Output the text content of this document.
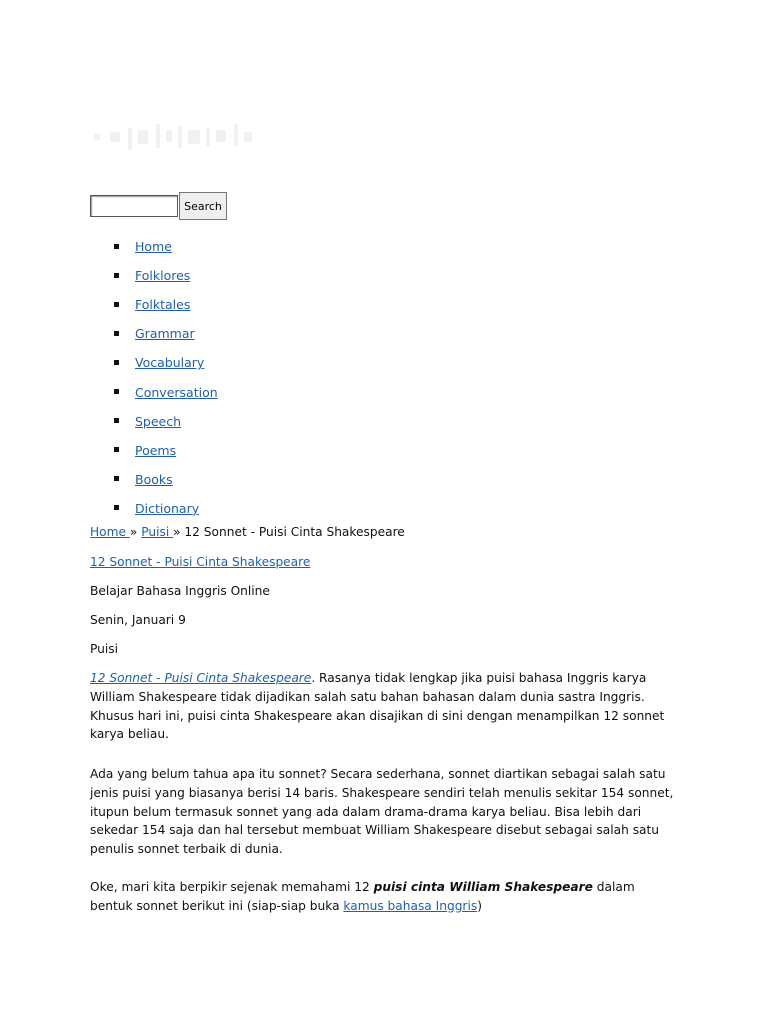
Search
Home
Folklores
Folktales
Grammar
Vocabulary
Conversation
Speech
Poems
Books
Dictionary
Home » Puisi » 12 Sonnet - Puisi Cinta Shakespeare
12 Sonnet - Puisi Cinta Shakespeare
Belajar Bahasa Inggris Online
Senin, Januari 9
Puisi
12 Sonnet - Puisi Cinta Shakespeare. Rasanya tidak lengkap jika puisi bahasa Inggris karya William Shakespeare tidak dijadikan salah satu bahan bahasan dalam dunia sastra Inggris. Khusus hari ini, puisi cinta Shakespeare akan disajikan di sini dengan menampilkan 12 sonnet karya beliau.
Ada yang belum tahua apa itu sonnet? Secara sederhana, sonnet diartikan sebagai salah satu jenis puisi yang biasanya berisi 14 baris. Shakespeare sendiri telah menulis sekitar 154 sonnet, itupun belum termasuk sonnet yang ada dalam drama-drama karya beliau. Bisa lebih dari sekedar 154 saja dan hal tersebut membuat William Shakespeare disebut sebagai salah satu penulis sonnet terbaik di dunia.
Oke, mari kita berpikir sejenak memahami 12 puisi cinta William Shakespeare dalam bentuk sonnet berikut ini (siap-siap buka kamus bahasa Inggris)
